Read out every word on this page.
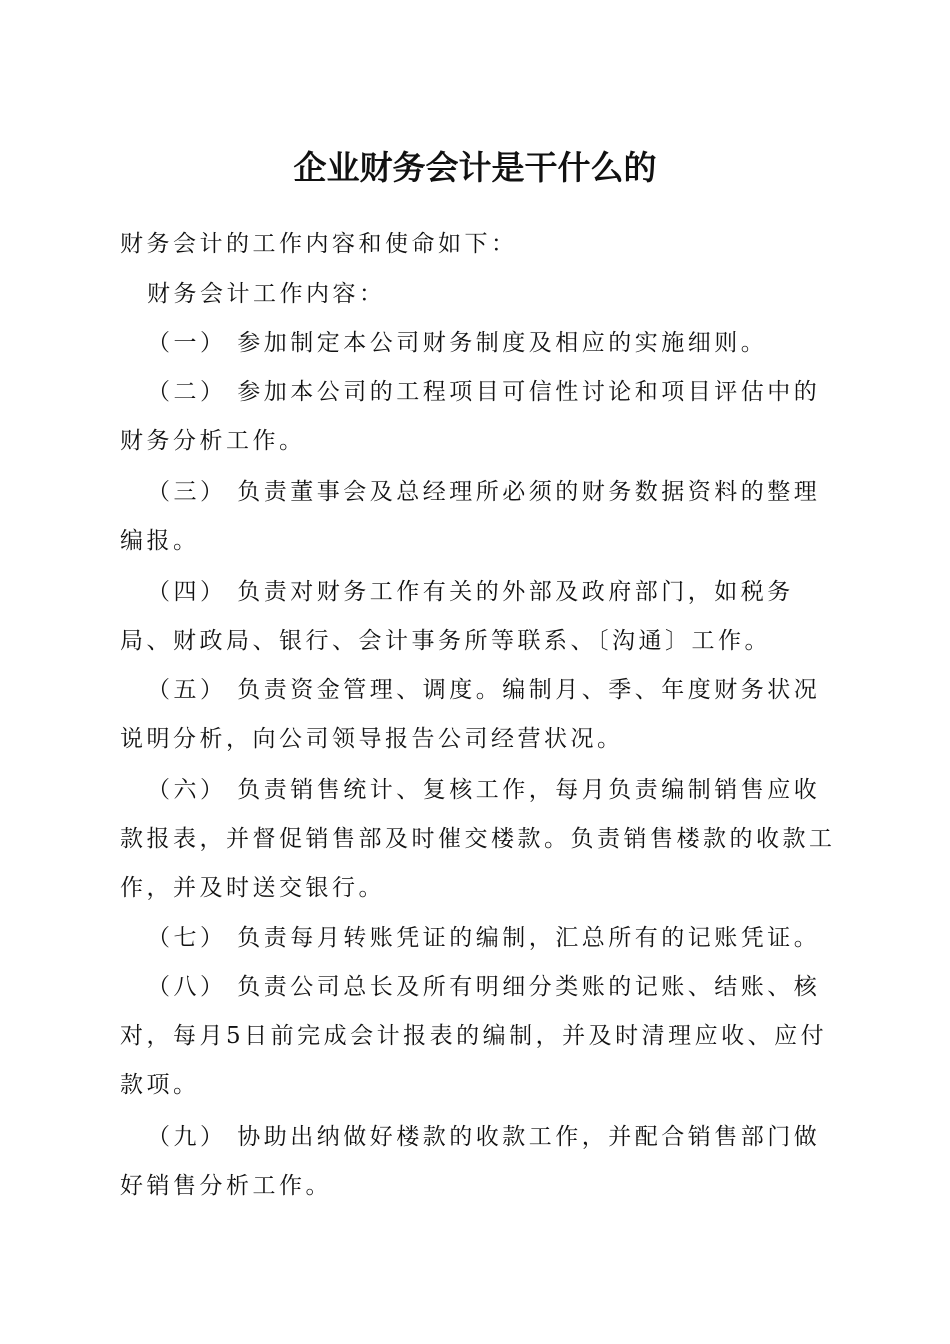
企业财务会计是干什么的

财务会计的工作内容和使命如下：

财务会计工作内容：

（一） 参加制定本公司财务制度及相应的实施细则。

（二） 参加本公司的工程项目可信性讨论和项目评估中的财务分析工作。

（三） 负责董事会及总经理所必须的财务数据资料的整理编报。

（四） 负责对财务工作有关的外部及政府部门，如税务局、财政局、银行、会计事务所等联系、〔沟通〕工作。

（五） 负责资金管理、调度。编制月、季、年度财务状况说明分析，向公司领导报告公司经营状况。

（六） 负责销售统计、复核工作，每月负责编制销售应收款报表，并督促销售部及时催交楼款。负责销售楼款的收款工作，并及时送交银行。

（七） 负责每月转账凭证的编制，汇总所有的记账凭证。

（八） 负责公司总长及所有明细分类账的记账、结账、核对，每月5日前完成会计报表的编制，并及时清理应收、应付款项。

（九） 协助出纳做好楼款的收款工作，并配合销售部门做好销售分析工作。
